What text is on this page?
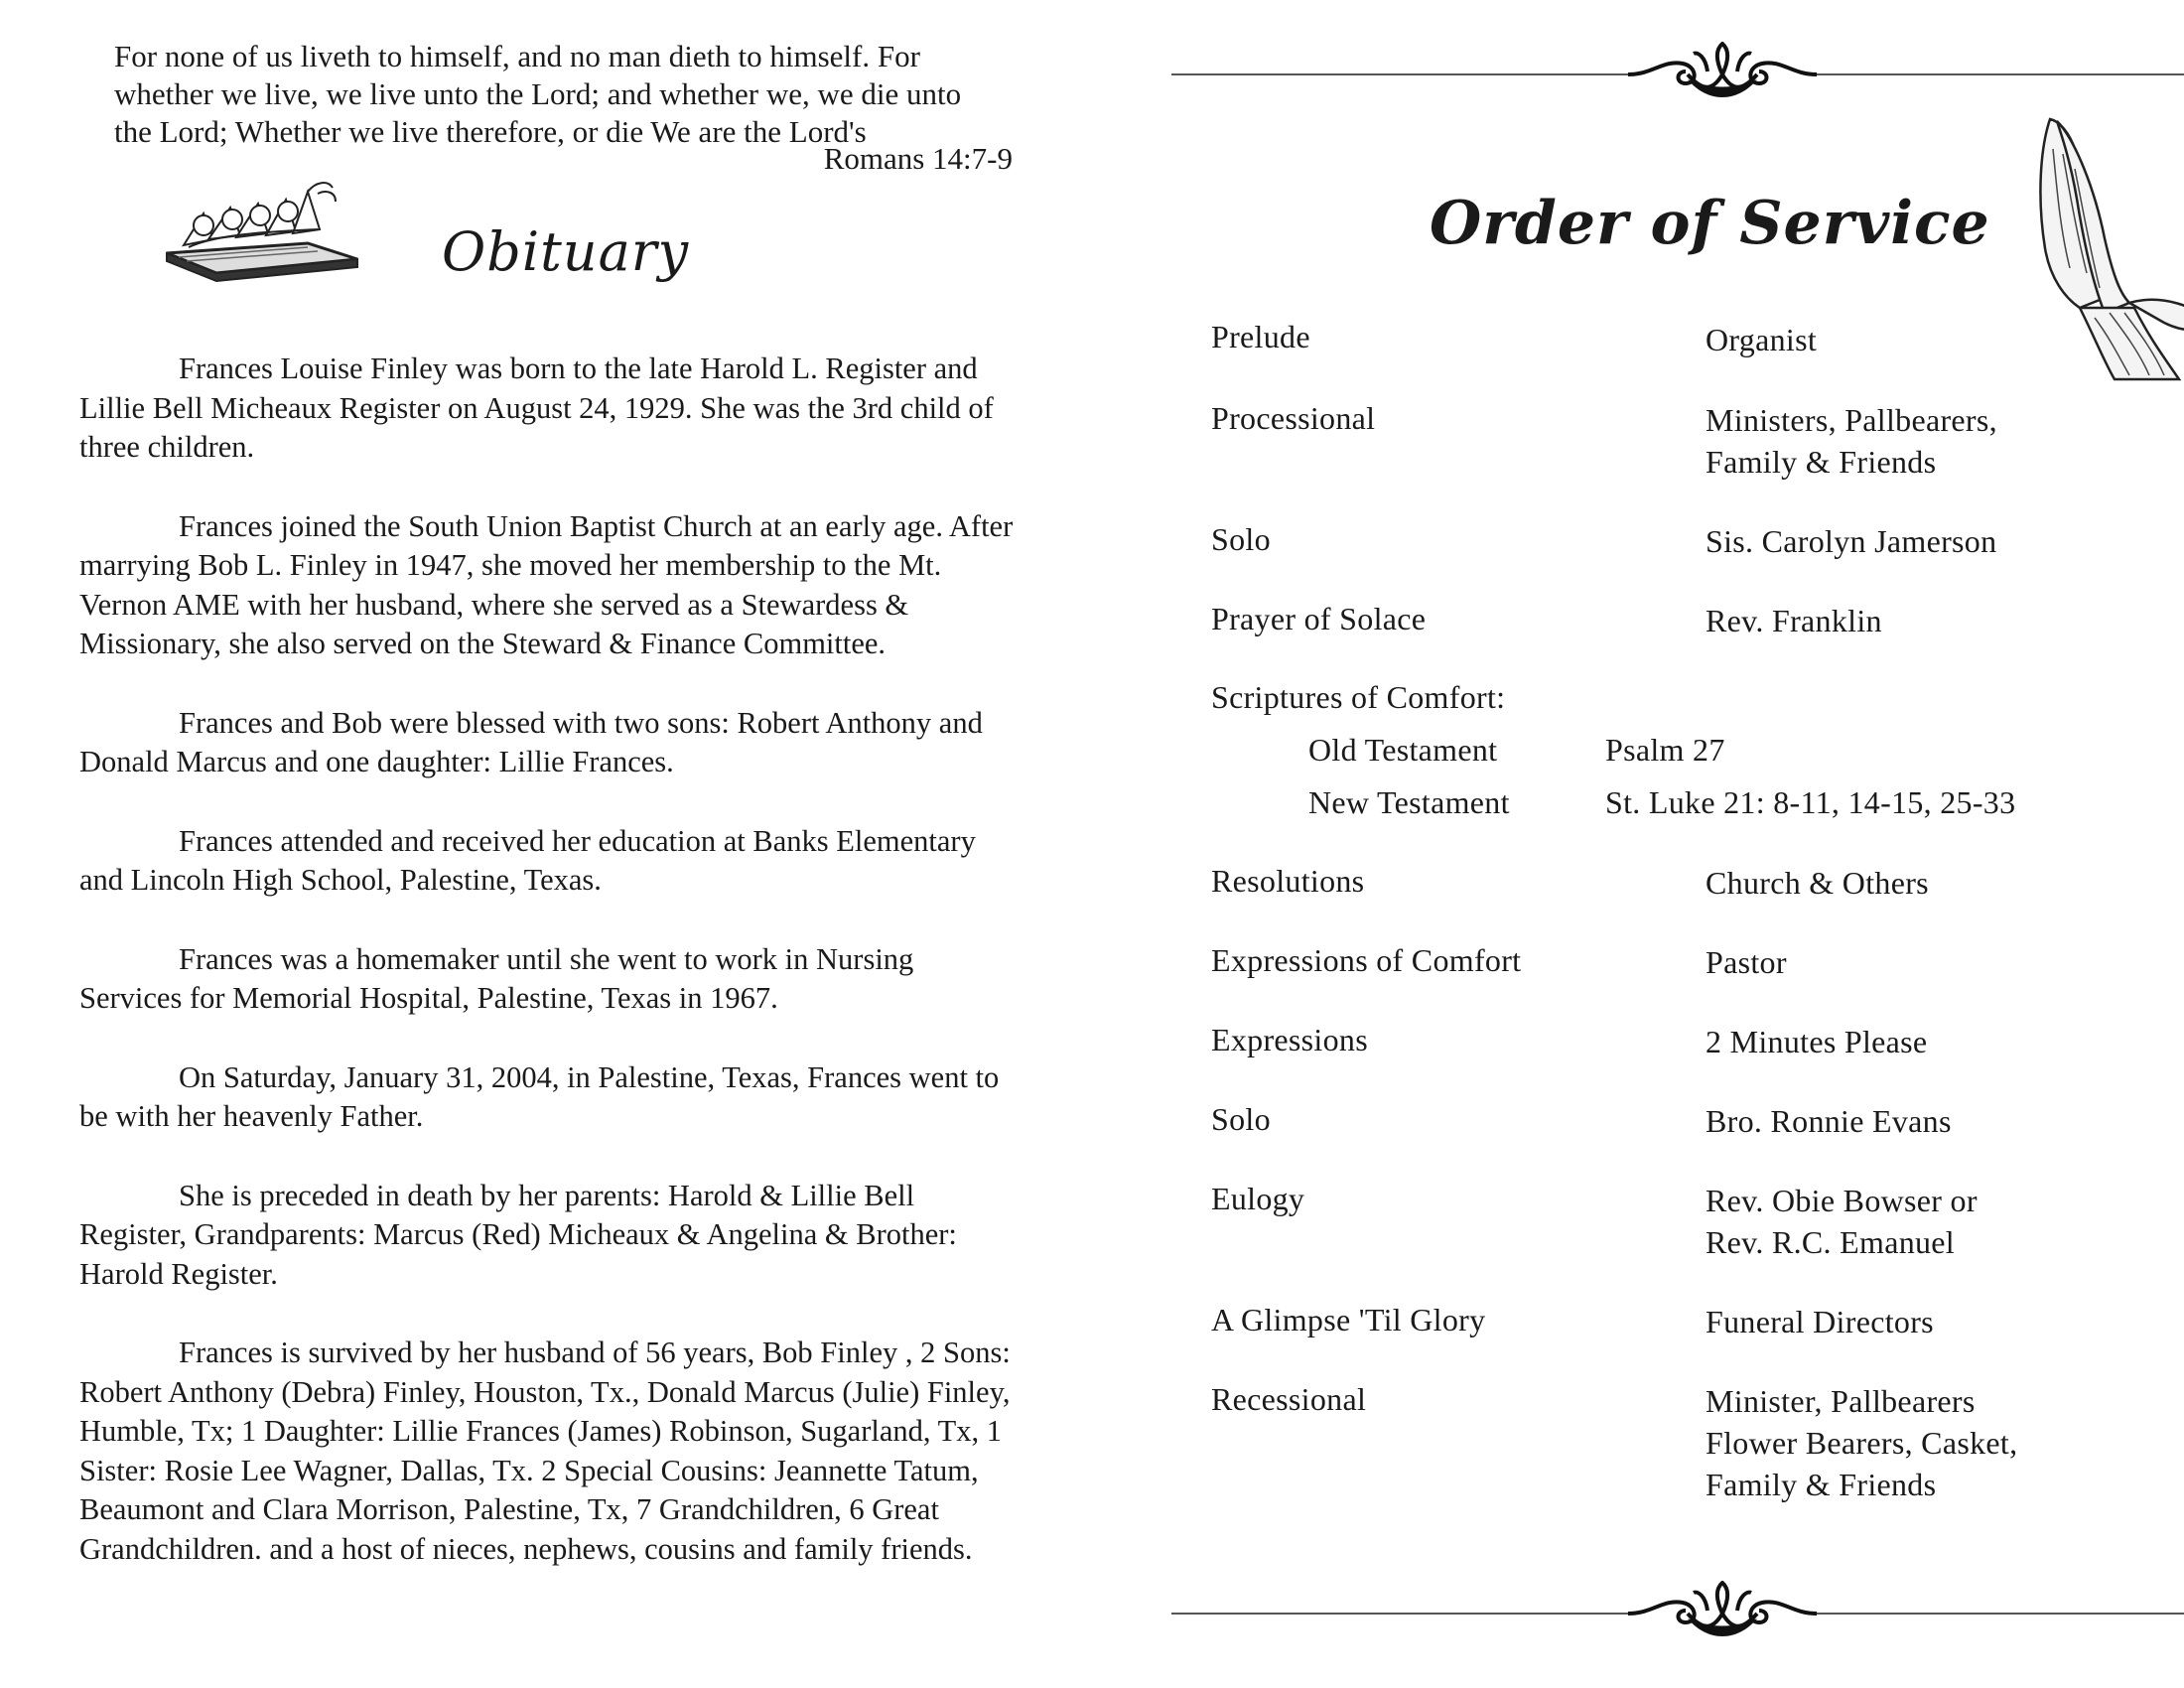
For none of us liveth to himself, and no man dieth to himself. For
whether we live, we live unto the Lord; and whether we, we die unto
the Lord; Whether we live therefore, or die We are the Lord's
Romans 14:7-9
Obituary

Frances Louise Finley was born to the late Harold L. Register and Lillie Bell Micheaux Register on August 24, 1929. She was the 3rd child of three children.

Frances joined the South Union Baptist Church at an early age. After marrying Bob L. Finley in 1947, she moved her membership to the Mt. Vernon AME with her husband, where she served as a Stewardess & Missionary, she also served on the Steward & Finance Committee.

Frances and Bob were blessed with two sons: Robert Anthony and Donald Marcus and one daughter: Lillie Frances.

Frances attended and received her education at Banks Elementary and Lincoln High School, Palestine, Texas.

Frances was a homemaker until she went to work in Nursing Services for Memorial Hospital, Palestine, Texas in 1967.

On Saturday, January 31, 2004, in Palestine, Texas, Frances went to be with her heavenly Father.

She is preceded in death by her parents: Harold & Lillie Bell Register, Grandparents: Marcus (Red) Micheaux & Angelina & Brother: Harold Register.

Frances is survived by her husband of 56 years, Bob Finley , 2 Sons: Robert Anthony (Debra) Finley, Houston, Tx., Donald Marcus (Julie) Finley, Humble, Tx; 1 Daughter: Lillie Frances (James) Robinson, Sugarland, Tx, 1 Sister: Rosie Lee Wagner, Dallas, Tx. 2 Special Cousins: Jeannette Tatum, Beaumont and Clara Morrison, Palestine, Tx, 7 Grandchildren, 6 Great Grandchildren. and a host of nieces, nephews, cousins and family friends.

Order of Service
Prelude	Organist
Processional	Ministers, Pallbearers,
Family & Friends
Solo	Sis. Carolyn Jamerson
Prayer of Solace	Rev. Franklin
Scriptures of Comfort:
Old Testament	Psalm 27
New Testament	St. Luke 21: 8-11, 14-15, 25-33
Resolutions	Church & Others
Expressions of Comfort	Pastor
Expressions	2 Minutes Please
Solo	Bro. Ronnie Evans
Eulogy	Rev. Obie Bowser or
Rev. R.C. Emanuel
A Glimpse 'Til Glory	Funeral Directors
Recessional	Minister, Pallbearers
Flower Bearers, Casket,
Family & Friends
